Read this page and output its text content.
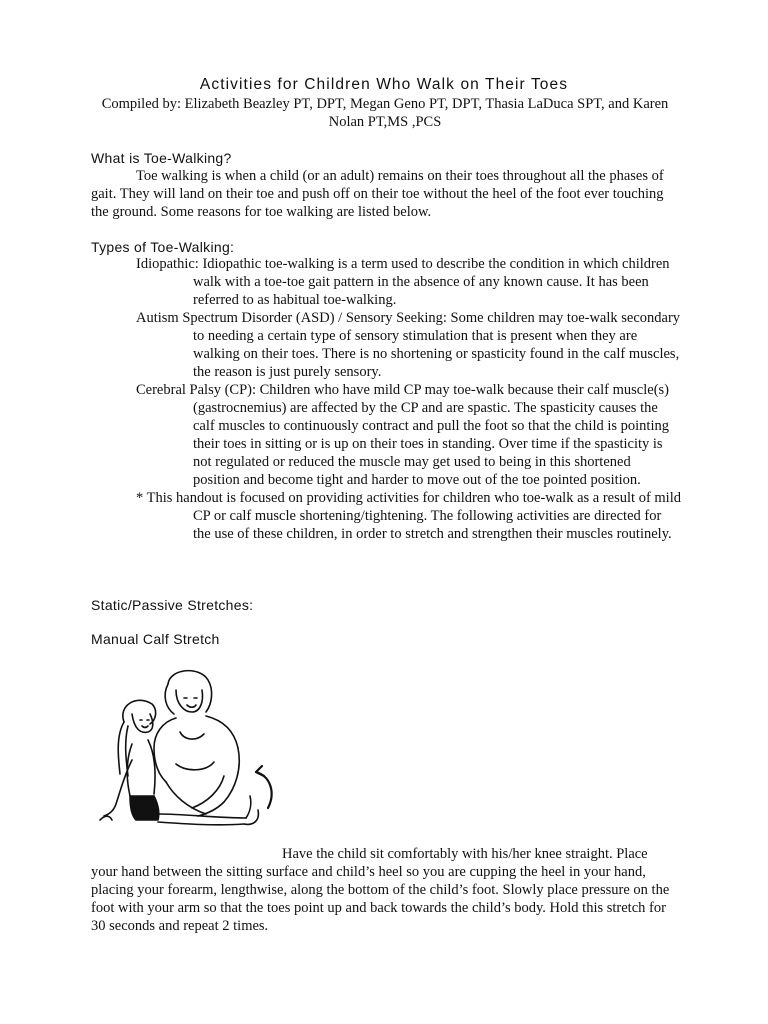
Activities for Children Who Walk on Their Toes
Compiled by: Elizabeth Beazley PT, DPT, Megan Geno PT, DPT, Thasia LaDuca SPT, and Karen Nolan PT,MS ,PCS
What is Toe-Walking?
Toe walking is when a child (or an adult) remains on their toes throughout all the phases of gait. They will land on their toe and push off on their toe without the heel of the foot ever touching the ground. Some reasons for toe walking are listed below.
Types of Toe-Walking:

Idiopathic: Idiopathic toe-walking is a term used to describe the condition in which children walk with a toe-toe gait pattern in the absence of any known cause. It has been referred to as habitual toe-walking.

Autism Spectrum Disorder (ASD) / Sensory Seeking: Some children may toe-walk secondary to needing a certain type of sensory stimulation that is present when they are walking on their toes. There is no shortening or spasticity found in the calf muscles, the reason is just purely sensory.

Cerebral Palsy (CP): Children who have mild CP may toe-walk because their calf muscle(s) (gastrocnemius) are affected by the CP and are spastic. The spasticity causes the calf muscles to continuously contract and pull the foot so that the child is pointing their toes in sitting or is up on their toes in standing. Over time if the spasticity is not regulated or reduced the muscle may get used to being in this shortened position and become tight and harder to move out of the toe pointed position.

* This handout is focused on providing activities for children who toe-walk as a result of mild CP or calf muscle shortening/tightening. The following activities are directed for the use of these children, in order to stretch and strengthen their muscles routinely.

Static/Passive Stretches:
Manual Calf Stretch
Have the child sit comfortably with his/her knee straight. Place
your hand between the sitting surface and child’s heel so you are cupping the heel in your hand, placing your forearm, lengthwise, along the bottom of the child’s foot. Slowly place pressure on the foot with your arm so that the toes point up and back towards the child’s body. Hold this stretch for 30 seconds and repeat 2 times.
